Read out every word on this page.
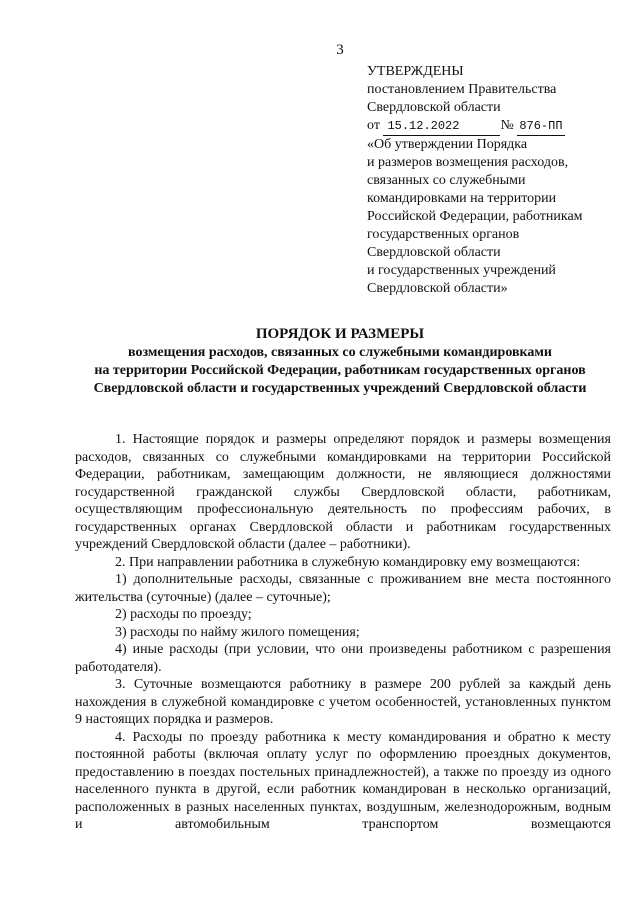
3
УТВЕРЖДЕНЫ
постановлением Правительства
Свердловской области
от 15.12.2022	№ 876-ПП
«Об утверждении Порядка
и размеров возмещения расходов,
связанных со служебными
командировками на территории
Российской Федерации, работникам
государственных органов
Свердловской области
и государственных учреждений
Свердловской области»
ПОРЯДОК И РАЗМЕРЫ
возмещения расходов, связанных со служебными командировками
на территории Российской Федерации, работникам государственных органов
Свердловской области и государственных учреждений Свердловской области

1. Настоящие порядок и размеры определяют порядок и размеры возмещения расходов, связанных со служебными командировками на территории Российской Федерации, работникам, замещающим должности, не являющиеся должностями государственной гражданской службы Свердловской области, работникам, осуществляющим профессиональную деятельность по профессиям рабочих, в государственных органах Свердловской области и работникам государственных учреждений Свердловской области (далее – работники).

2. При направлении работника в служебную командировку ему возмещаются:

1) дополнительные расходы, связанные с проживанием вне места постоянного жительства (суточные) (далее – суточные);

2) расходы по проезду;

3) расходы по найму жилого помещения;

4) иные расходы (при условии, что они произведены работником с разрешения работодателя).

3. Суточные возмещаются работнику в размере 200 рублей за каждый день нахождения в служебной командировке с учетом особенностей, установленных пунктом 9 настоящих порядка и размеров.

4. Расходы по проезду работника к месту командирования и обратно к месту постоянной работы (включая оплату услуг по оформлению проездных документов, предоставлению в поездах постельных принадлежностей), а также по проезду из одного населенного пункта в другой, если работник командирован в несколько организаций, расположенных в разных населенных пунктах, воздушным, железнодорожным, водным и автомобильным транспортом возмещаются
